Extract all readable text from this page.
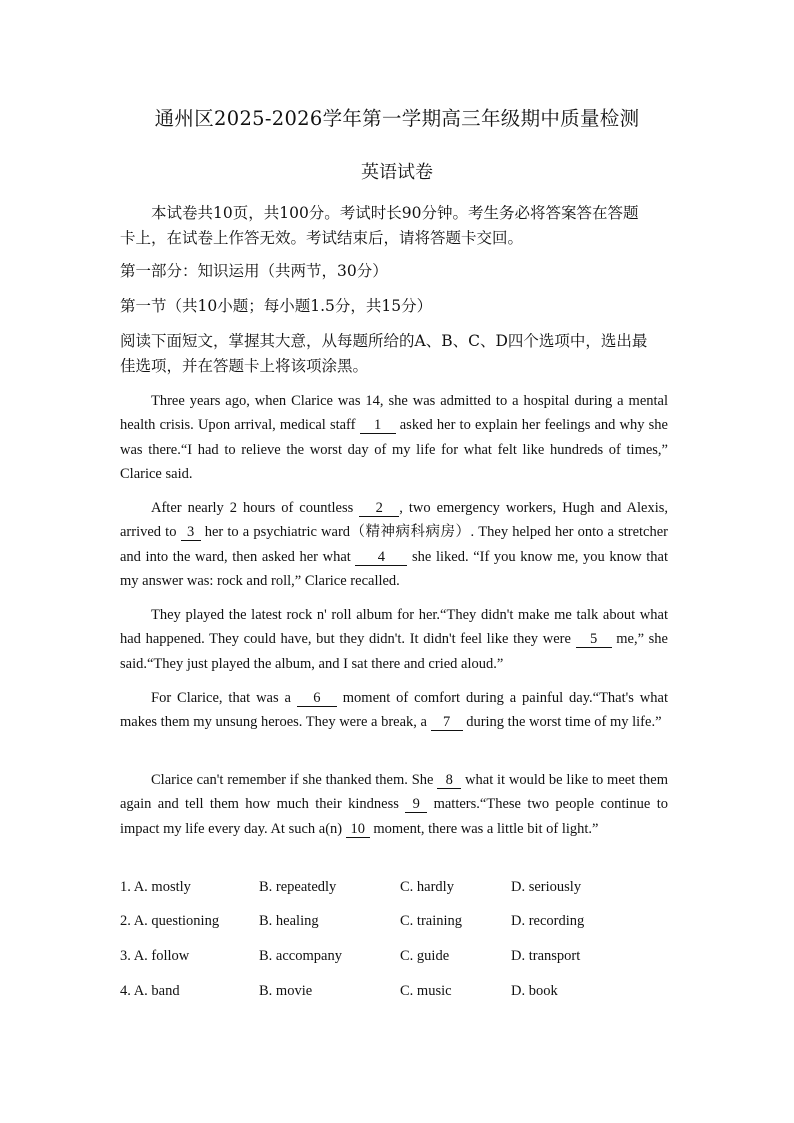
通州区2025-2026学年第一学期高三年级期中质量检测
英语试卷
本试卷共10页，共100分。考试时长90分钟。考生务必将答案答在答题
卡上，在试卷上作答无效。考试结束后，请将答题卡交回。
第一部分：知识运用（共两节，30分）
第一节（共10小题；每小题1.5分，共15分）
阅读下面短文，掌握其大意，从每题所给的A、B、C、D四个选项中，选出最
佳选项，并在答题卡上将该项涂黑。
Three years ago, when Clarice was 14, she was admitted to a hospital during a mental health crisis. Upon arrival, medical staff 1 asked her to explain her feelings and why she was there.“I had to relieve the worst day of my life for what felt like hundreds of times,” Clarice said.
After nearly 2 hours of countless 2 , two emergency workers, Hugh and Alexis, arrived to 3 her to a psychiatric ward（精神病科病房）. They helped her onto a stretcher and into the ward, then asked her what 4 she liked. “If you know me, you know that my answer was: rock and roll,” Clarice recalled.
They played the latest rock n' roll album for her.“They didn't make me talk about what had happened. They could have, but they didn't. It didn't feel like they were 5 me,” she said.“They just played the album, and I sat there and cried aloud.”
For Clarice, that was a 6 moment of comfort during a painful day.“That's what makes them my unsung heroes. They were a break, a 7 during the worst time of my life.”
Clarice can't remember if she thanked them. She 8 what it would be like to meet them again and tell them how much their kindness 9 matters.“These two people continue to impact my life every day. At such a(n) 10 moment, there was a little bit of light.”
1. A. mostly	B. repeatedly	C. hardly	D. seriously
2. A. questioning	B. healing	C. training	D. recording
3. A. follow	B. accompany	C. guide	D. transport
4. A. band	B. movie	C. music	D. book
